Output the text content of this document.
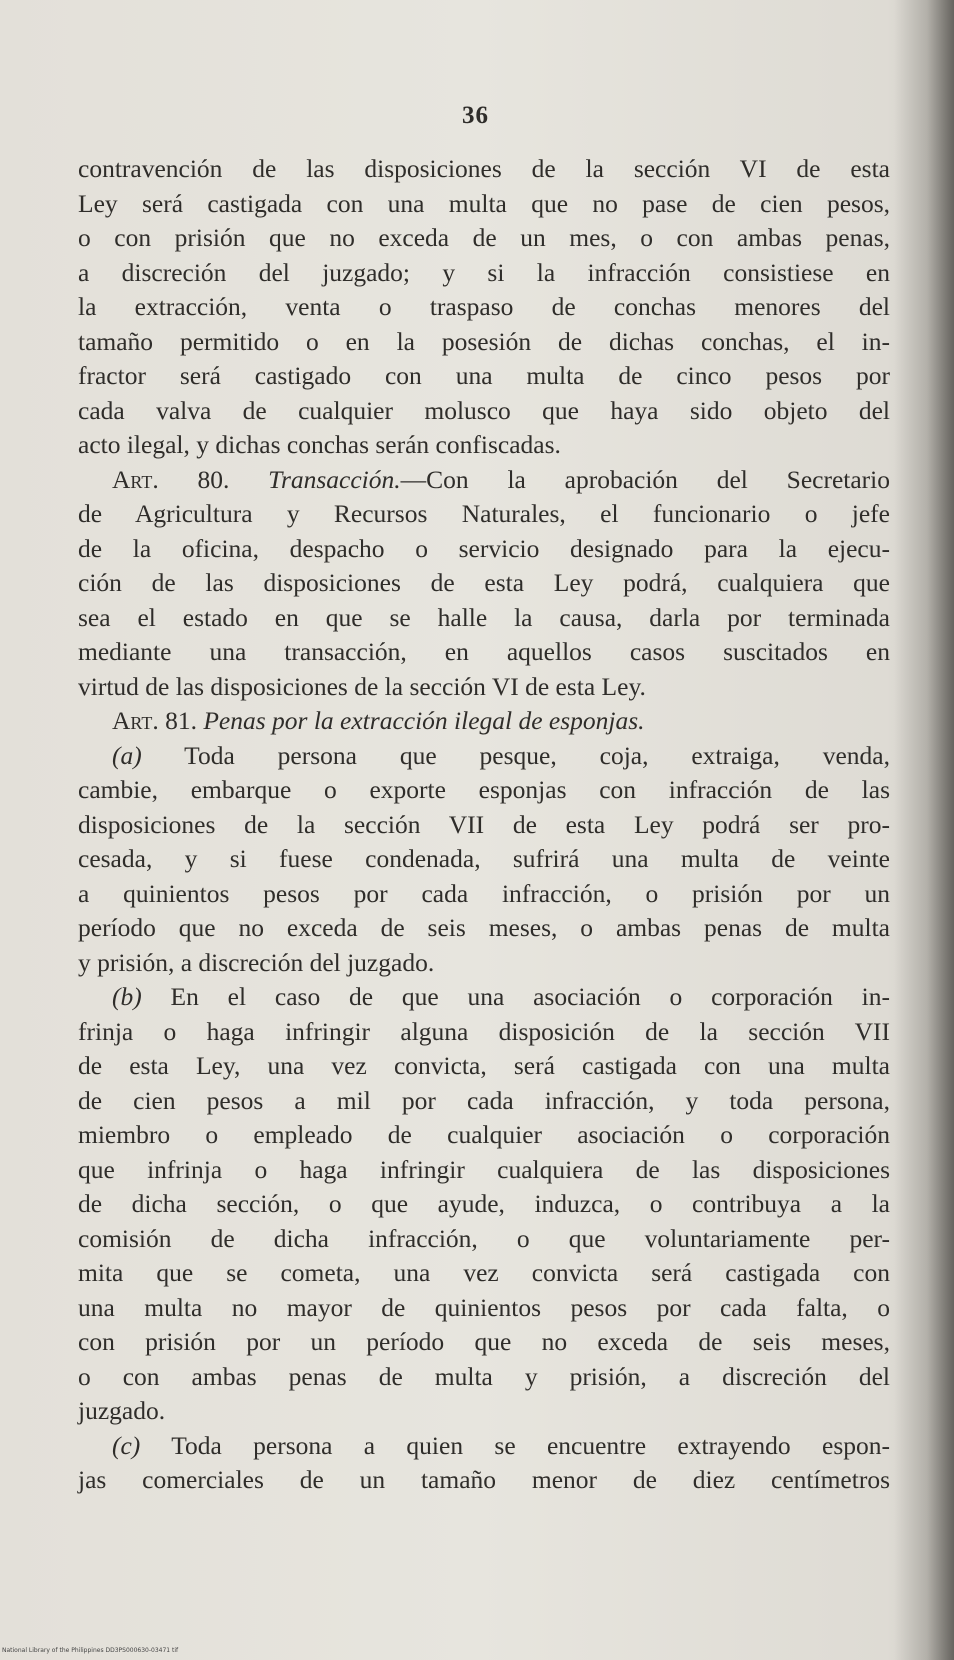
36
contravención de las disposiciones de la sección VI de esta
Ley será castigada con una multa que no pase de cien pesos,
o con prisión que no exceda de un mes, o con ambas penas,
a discreción del juzgado; y si la infracción consistiese en
la extracción, venta o traspaso de conchas menores del
tamaño permitido o en la posesión de dichas conchas, el in-
fractor será castigado con una multa de cinco pesos por
cada valva de cualquier molusco que haya sido objeto del
acto ilegal, y dichas conchas serán confiscadas.
Art. 80. Transacción.—Con la aprobación del Secretario
de Agricultura y Recursos Naturales, el funcionario o jefe
de la oficina, despacho o servicio designado para la ejecu-
ción de las disposiciones de esta Ley podrá, cualquiera que
sea el estado en que se halle la causa, darla por terminada
mediante una transacción, en aquellos casos suscitados en
virtud de las disposiciones de la sección VI de esta Ley.
Art. 81. Penas por la extracción ilegal de esponjas.
(a) Toda persona que pesque, coja, extraiga, venda,
cambie, embarque o exporte esponjas con infracción de las
disposiciones de la sección VII de esta Ley podrá ser pro-
cesada, y si fuese condenada, sufrirá una multa de veinte
a quinientos pesos por cada infracción, o prisión por un
período que no exceda de seis meses, o ambas penas de multa
y prisión, a discreción del juzgado.
(b) En el caso de que una asociación o corporación in-
frinja o haga infringir alguna disposición de la sección VII
de esta Ley, una vez convicta, será castigada con una multa
de cien pesos a mil por cada infracción, y toda persona,
miembro o empleado de cualquier asociación o corporación
que infrinja o haga infringir cualquiera de las disposiciones
de dicha sección, o que ayude, induzca, o contribuya a la
comisión de dicha infracción, o que voluntariamente per-
mita que se cometa, una vez convicta será castigada con
una multa no mayor de quinientos pesos por cada falta, o
con prisión por un período que no exceda de seis meses,
o con ambas penas de multa y prisión, a discreción del
juzgado.
(c) Toda persona a quien se encuentre extrayendo espon-
jas comerciales de un tamaño menor de diez centímetros
National Library of the Philippines DD3PS000630-03471 tif
